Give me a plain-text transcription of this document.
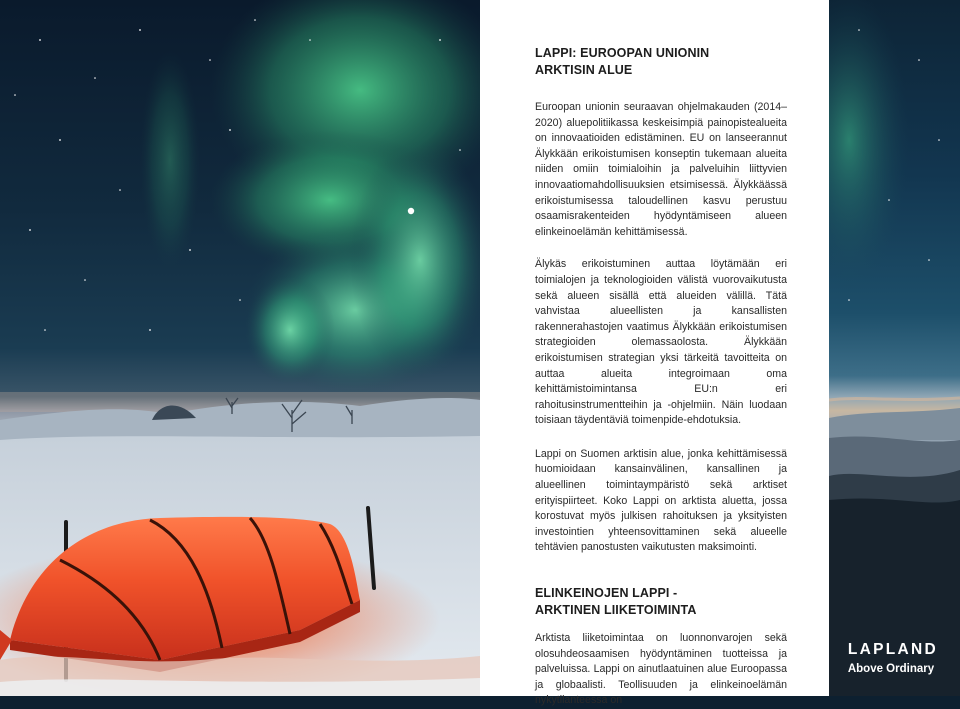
LAPPI: EUROOPAN UNIONIN
ARKTISIN ALUE

Euroopan unionin seuraavan ohjelmakauden (2014–2020) aluepolitiikassa keskeisimpiä painopistealueita on innovaatioiden edistäminen. EU on lanseerannut Älykkään erikoistumisen konseptin tukemaan alueita niiden omiin toimialoihin ja palveluihin liittyvien innovaatiomahdollisuuksien etsimisessä. Älykkäässä erikoistumisessa taloudellinen kasvu perustuu osaamisrakenteiden hyödyntämiseen alueen elinkeinoelämän kehittämisessä.

Älykäs erikoistuminen auttaa löytämään eri toimialojen ja teknologioiden välistä vuorovaikutusta sekä alueen sisällä että alueiden välillä. Tätä vahvistaa alueellisten ja kansallisten rakennerahastojen vaatimus Älykkään erikoistumisen strategioiden olemassaolosta. Älykkään erikoistumisen strategian yksi tärkeitä tavoitteita on auttaa alueita integroimaan oma kehittämistoimintansa EU:n eri rahoitusinstrumentteihin ja -ohjelmiin. Näin luodaan toisiaan täydentäviä toimenpide-ehdotuksia.

Lappi on Suomen arktisin alue, jonka kehittämisessä huomioidaan kansainvälinen, kansallinen ja alueellinen toimintaympäristö sekä arktiset erityispiirteet. Koko Lappi on arktista aluetta, jossa korostuvat myös julkisen rahoituksen ja yksityisten investointien yhteensovittaminen sekä alueelle tehtävien panostusten vaikutusten maksimointi.

ELINKEINOJEN LAPPI -
ARKTINEN LIIKETOIMINTA

Arktista liiketoimintaa on luonnonvarojen sekä olosuhdeosaamisen hyödyntäminen tuotteissa ja palveluissa. Lappi on ainutlaatuinen alue Euroopassa ja globaalisti. Teollisuuden ja elinkeinoelämän nykytilanteessa on

LAPLAND
Above Ordinary
